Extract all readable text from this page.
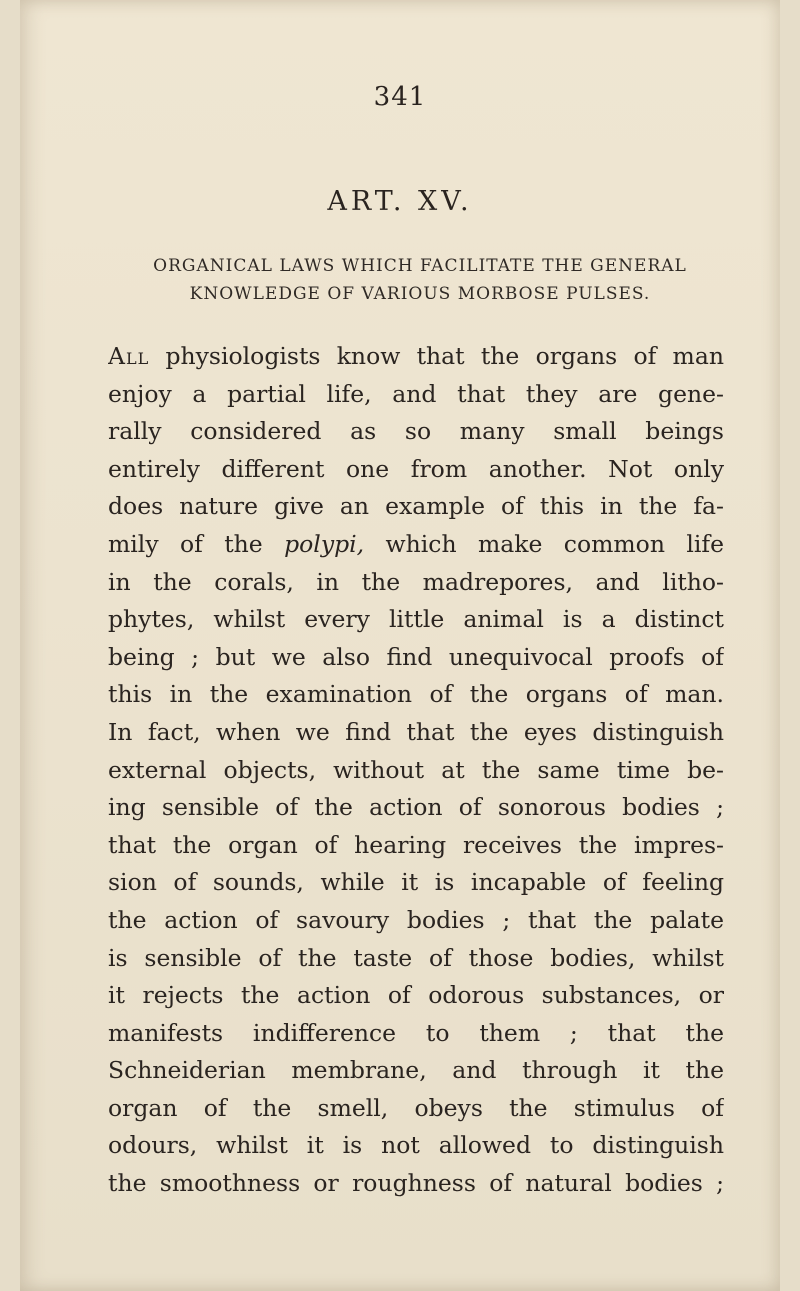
341
ART. XV.
ORGANICAL LAWS WHICH FACILITATE THE GENERAL
KNOWLEDGE OF VARIOUS MORBOSE PULSES.
All physiologists know that the organs of man
enjoy a partial life, and that they are gene-
rally considered as so many small beings
entirely different one from another. Not only
does nature give an example of this in the fa-
mily of the polypi, which make common life
in the corals, in the madrepores, and litho-
phytes, whilst every little animal is a distinct
being ; but we also find unequivocal proofs of
this in the examination of the organs of man.
In fact, when we find that the eyes distinguish
external objects, without at the same time be-
ing sensible of the action of sonorous bodies ;
that the organ of hearing receives the impres-
sion of sounds, while it is incapable of feeling
the action of savoury bodies ; that the palate
is sensible of the taste of those bodies, whilst
it rejects the action of odorous substances, or
manifests indifference to them ; that the
Schneiderian membrane, and through it the
organ of the smell, obeys the stimulus of
odours, whilst it is not allowed to distinguish
the smoothness or roughness of natural bodies ;
